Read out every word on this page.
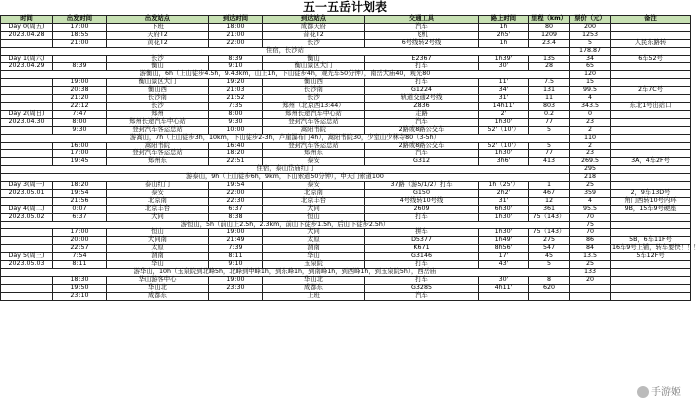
五一五岳计划表
时间	出发时间	出发站点	到达时间	到达站点	交通工具	路上时间	里程（km）	票价（元）	备注
Day 0(周五)	17:00	下班	18:00	成都天府	汽车	1h	80	200	
2023.04.28	18:55	天府T2	21:00	昔花T2	飞机	2h5'	1209	1253	
	21:00	黄花T2	22:00	长沙	6号线转2号线	1h	23.4	5	人民东路转
住宿，长沙站								178.87	
Day 1(周六)		长沙	8:39	衡山	E2367	1h39'	135	34	6车52号
2023.04.29	8:39	衡山	9:10	衡山景区大门	打车	30'	28	65	
游衡山，6h（上山徒步4.5h，9.43km，山上1h，下山徒步4h，观光车50分钟），南岳大庙40，观光80								120	
	19:00	衡山景区大门	19:20	衡山西	打车	11'	7.5	15	
	20:38	衡山西	21:03	长沙南	G1224	34'	131	99.5	2车7C号
	21:20	长沙南	21:52	长沙	轨道交通2号线	31'	11	4	
	22:12	长沙	7:35	郑州（北京西13:44）	Z836	14h11'	803	343.5	东北1号出站口
Day 2(周日)	7:47	郑州	8:00	郑州长途汽车中心站	走路	2'	0.2	0	
2023.04.30	8:00	郑州长途汽车中心站	9:30	登封汽车客运总站	汽车	1h30'	77	23	
	9:30	登封汽车客运总站	10:00	嵩阳书院	2路或8路公交车	52'（10'）	5	2	
游嵩山，7h（上山徒步3h，10km，下山徒步2-3h，卢崖瀑布门4h），嵩阳书院30，少室山少林寺80（3-5h）								110	
	16:00	嵩阳书院	16:40	登封汽车客运总站	2路或8路公交车	52'（10'）	5	2	
	17:00	登封汽车客运总站	18:20	郑州东	汽车	1h30'	77	23	
	19:45	郑州东	22:51	泰安	G312	3h6'	413	269.5	3A，4车2F号
住宿，泰山岱庙红门								295	
游泰山，9h（上山徒步6h，9km，下山索道50分钟），中天门索道100								218	
Day 3(周一)	18:20	泰山红门	19:54	泰安	37路（游5/1/2）打车	1h（25'）	1	25	
2023.05.01	19:54	泰安	22:00	北京南	G150	2h2'	467	359	2，9车13D号
	21:56	北京南	22:30	北京丰台	4号线转10号线	31'	12	4	角门西转10号内环
Day 4(周二)	0:07	北京丰台	6:37	大同	2609	6h30'	361	95.5	9B，15车9号硬座
2023.05.02	6:37	大同	8:38	恒山	打车	1h30'	75（143）	70	
游恒山，5h（前山上2.5h，2.3km，前山下徒步1.5h，后山下徒步2.5h）								75	
	17:00	恒山	19:00	大同	拼车	1h30'	75（143）	70	
	20:00	大同南	21:49	太原	D5377	1h49'	275	86	5B，6车11F号
	22:57	太原	7:39	渭南	K671	8h56'	547	84	16车9号上铺，转车要快！！！
Day 5(周三)	7:54	渭南	8:11	华山	G3146	17'	45	13.5	5车12F号
2023.05.03	8:11	华山	9:10	玉泉院	打车	43'	5	25	
游华山，10h（玉泉院到北峰5h，北峰到中峰1h，到东峰1h，到南峰1h，到西峰1h，到玉泉院5h），西岳庙								133	
	18:30	华山游客中心	19:00	华山北	打车	30'	8	20	
	19:50	华山北	23:30	成都东	G3285	4h11'	620		
	23:10	成都东		上班	汽车				
手游姬
